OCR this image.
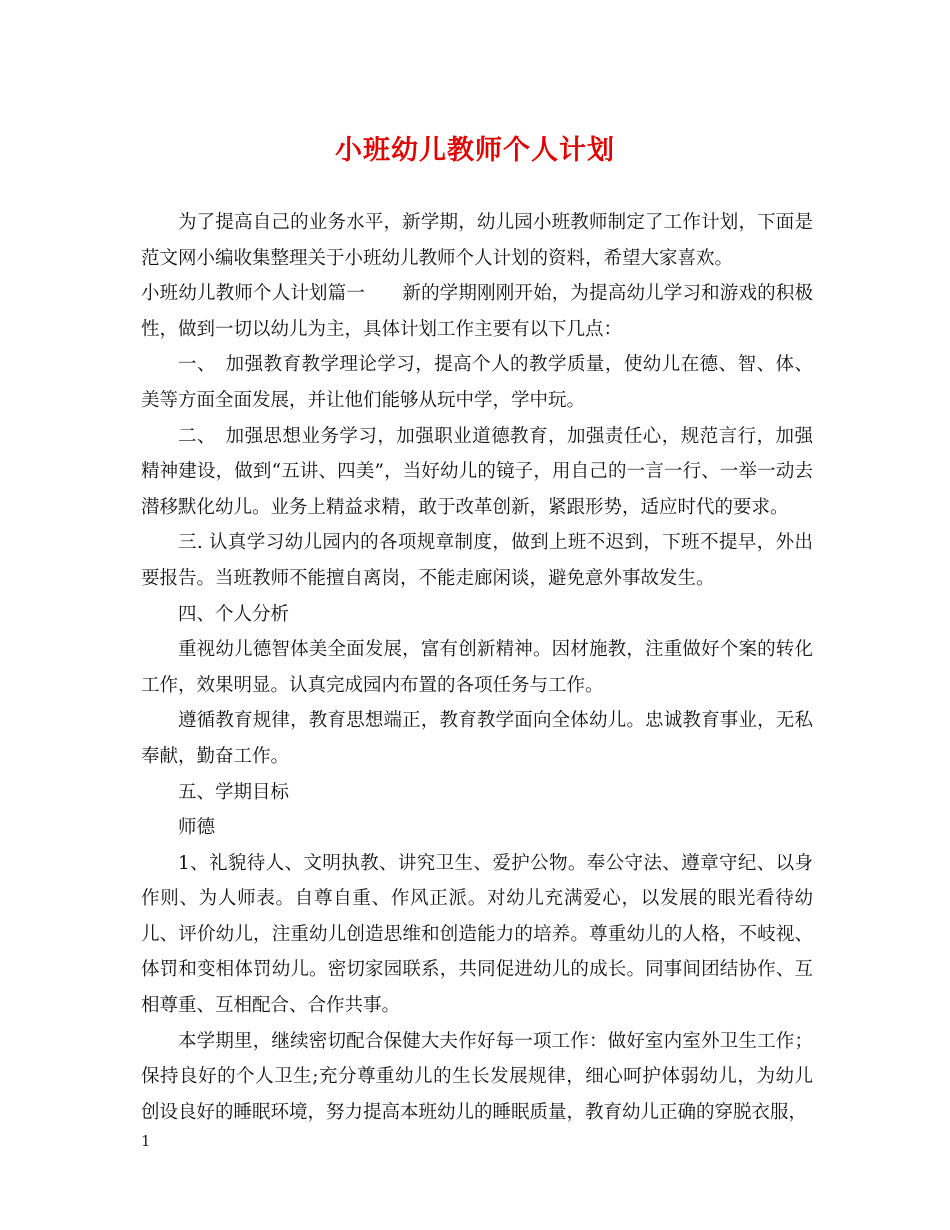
小班幼儿教师个人计划

为了提高自己的业务水平，新学期，幼儿园小班教师制定了工作计划，下面是范文网小编收集整理关于小班幼儿教师个人计划的资料，希望大家喜欢。

小班幼儿教师个人计划篇一　　新的学期刚刚开始，为提高幼儿学习和游戏的积极性，做到一切以幼儿为主，具体计划工作主要有以下几点：

一、　加强教育教学理论学习，提高个人的教学质量，使幼儿在德、智、体、美等方面全面发展，并让他们能够从玩中学，学中玩。

二、　加强思想业务学习，加强职业道德教育，加强责任心，规范言行，加强精神建设，做到“五讲、四美”，当好幼儿的镜子，用自己的一言一行、一举一动去潜移默化幼儿。业务上精益求精，敢于改革创新，紧跟形势，适应时代的要求。

三. 认真学习幼儿园内的各项规章制度，做到上班不迟到，下班不提早，外出要报告。当班教师不能擅自离岗，不能走廊闲谈，避免意外事故发生。

四、个人分析

重视幼儿德智体美全面发展，富有创新精神。因材施教，注重做好个案的转化工作，效果明显。认真完成园内布置的各项任务与工作。

遵循教育规律，教育思想端正，教育教学面向全体幼儿。忠诚教育事业，无私奉献，勤奋工作。

五、学期目标

师德

1、礼貌待人、文明执教、讲究卫生、爱护公物。奉公守法、遵章守纪、以身作则、为人师表。自尊自重、作风正派。对幼儿充满爱心，以发展的眼光看待幼儿、评价幼儿，注重幼儿创造思维和创造能力的培养。尊重幼儿的人格，不岐视、体罚和变相体罚幼儿。密切家园联系，共同促进幼儿的成长。同事间团结协作、互相尊重、互相配合、合作共事。

本学期里，继续密切配合保健大夫作好每一项工作：做好室内室外卫生工作；保持良好的个人卫生;充分尊重幼儿的生长发展规律，细心呵护体弱幼儿，为幼儿创设良好的睡眠环境，努力提高本班幼儿的睡眠质量，教育幼儿正确的穿脱衣服，

1
